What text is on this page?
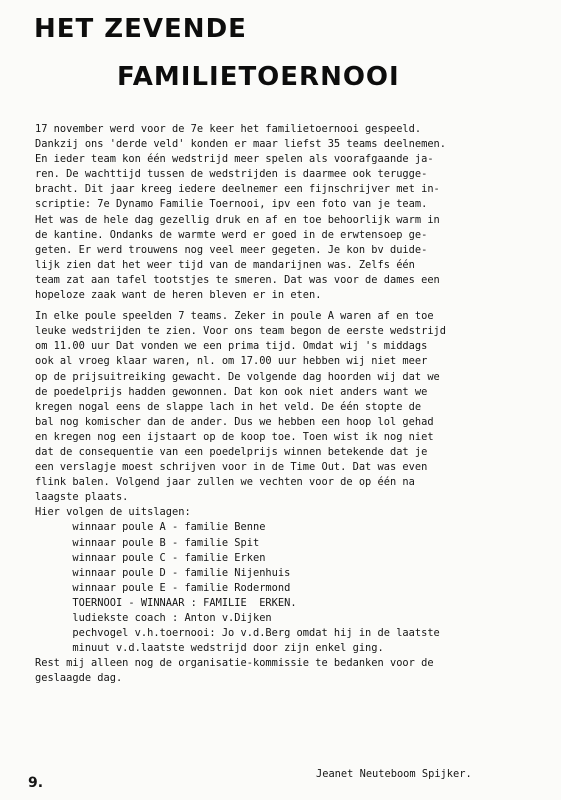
HET ZEVENDE
FAMILIETOERNOOI
17 november werd voor de 7e keer het familietoernooi gespeeld.
Dankzij ons 'derde veld' konden er maar liefst 35 teams deelnemen.
En ieder team kon één wedstrijd meer spelen als voorafgaande ja-
ren. De wachttijd tussen de wedstrijden is daarmee ook terugge-
bracht. Dit jaar kreeg iedere deelnemer een fijnschrijver met in-
scriptie: 7e Dynamo Familie Toernooi, ipv een foto van je team.
Het was de hele dag gezellig druk en af en toe behoorlijk warm in
de kantine. Ondanks de warmte werd er goed in de erwtensoep ge-
geten. Er werd trouwens nog veel meer gegeten. Je kon bv duide-
lijk zien dat het weer tijd van de mandarijnen was. Zelfs één
team zat aan tafel tootstjes te smeren. Dat was voor de dames een
hopeloze zaak want de heren bleven er in eten.
In elke poule speelden 7 teams. Zeker in poule A waren af en toe
leuke wedstrijden te zien. Voor ons team begon de eerste wedstrijd
om 11.00 uur Dat vonden we een prima tijd. Omdat wij 's middags
ook al vroeg klaar waren, nl. om 17.00 uur hebben wij niet meer
op de prijsuitreiking gewacht. De volgende dag hoorden wij dat we
de poedelprijs hadden gewonnen. Dat kon ook niet anders want we
kregen nogal eens de slappe lach in het veld. De één stopte de
bal nog komischer dan de ander. Dus we hebben een hoop lol gehad
en kregen nog een ijstaart op de koop toe. Toen wist ik nog niet
dat de consequentie van een poedelprijs winnen betekende dat je
een verslagje moest schrijven voor in de Time Out. Dat was even
flink balen. Volgend jaar zullen we vechten voor de op één na
laagste plaats.
Hier volgen de uitslagen:
winnaar poule A - familie Benne
winnaar poule B - familie Spit
winnaar poule C - familie Erken
winnaar poule D - familie Nijenhuis
winnaar poule E - familie Rodermond
TOERNOOI - WINNAAR : FAMILIE  ERKEN.
ludiekste coach : Anton v.Dijken
pechvogel v.h.toernooi: Jo v.d.Berg omdat hij in de laatste
minuut v.d.laatste wedstrijd door zijn enkel ging.
Rest mij alleen nog de organisatie-kommissie te bedanken voor de
geslaagde dag.
Jeanet Neuteboom Spijker.
9.
